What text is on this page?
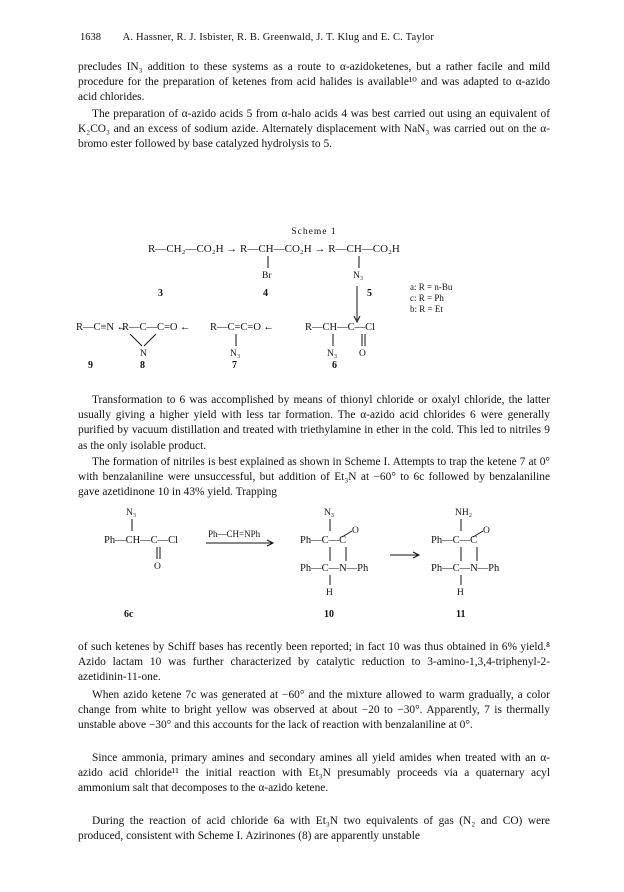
1638 A. Hassner, R. J. Isbister, R. B. Greenwald, J. T. Klug and E. C. Taylor

precludes IN₃ addition to these systems as a route to α-azidoketenes, but a rather facile and mild procedure for the preparation of ketenes from acid halides is available¹⁰ and was adapted to α-azido acid chlorides.

The preparation of α-azido acids 5 from α-halo acids 4 was best carried out using an equivalent of K₂CO₃ and an excess of sodium azide. Alternately displacement with NaN₃ was carried out on the α-bromo ester followed by base catalyzed hydrolysis to 5.

Scheme 1
R—CH₂—CO₂H → R—CH—CO₂H → R—CH—CO₂H
Br	N₃
3	4	5
a: R = n-Bu
c: R = Ph
b: R = Et
R—C≡N ←
R—C—C=O ←
N
R—C=C=O ←
N₃
R—CH—C—Cl
N₃ O
9	8	7	6

Transformation to 6 was accomplished by means of thionyl chloride or oxalyl chloride, the latter usually giving a higher yield with less tar formation. The α-azido acid chlorides 6 were generally purified by vacuum distillation and treated with triethylamine in ether in the cold. This led to nitriles 9 as the only isolable product.

The formation of nitriles is best explained as shown in Scheme I. Attempts to trap the ketene 7 at 0° with benzalaniline were unsuccessful, but addition of Et₃N at −60° to 6c followed by benzalaniline gave azetidinone 10 in 43% yield. Trapping

N₃
Ph—CH—C—Cl
O
Ph—CH=NPh
N₃
Ph—C—C
O
Ph—C—N—Ph
H
NH₂
Ph—C—C
O
Ph—C—N—Ph
H
6c	10	11

of such ketenes by Schiff bases has recently been reported; in fact 10 was thus obtained in 6% yield.⁸ Azido lactam 10 was further characterized by catalytic reduction to 3-amino-1,3,4-triphenyl-2-azetidinin-11-one.

When azido ketene 7c was generated at −60° and the mixture allowed to warm gradually, a color change from white to bright yellow was observed at about −20 to −30°. Apparently, 7 is thermally unstable above −30° and this accounts for the lack of reaction with benzalaniline at 0°.

Since ammonia, primary amines and secondary amines all yield amides when treated with an α-azido acid chloride¹¹ the initial reaction with Et₃N presumably proceeds via a quaternary acyl ammonium salt that decomposes to the α-azido ketene.

During the reaction of acid chloride 6a with Et₃N two equivalents of gas (N₂ and CO) were produced, consistent with Scheme I. Azirinones (8) are apparently unstable
